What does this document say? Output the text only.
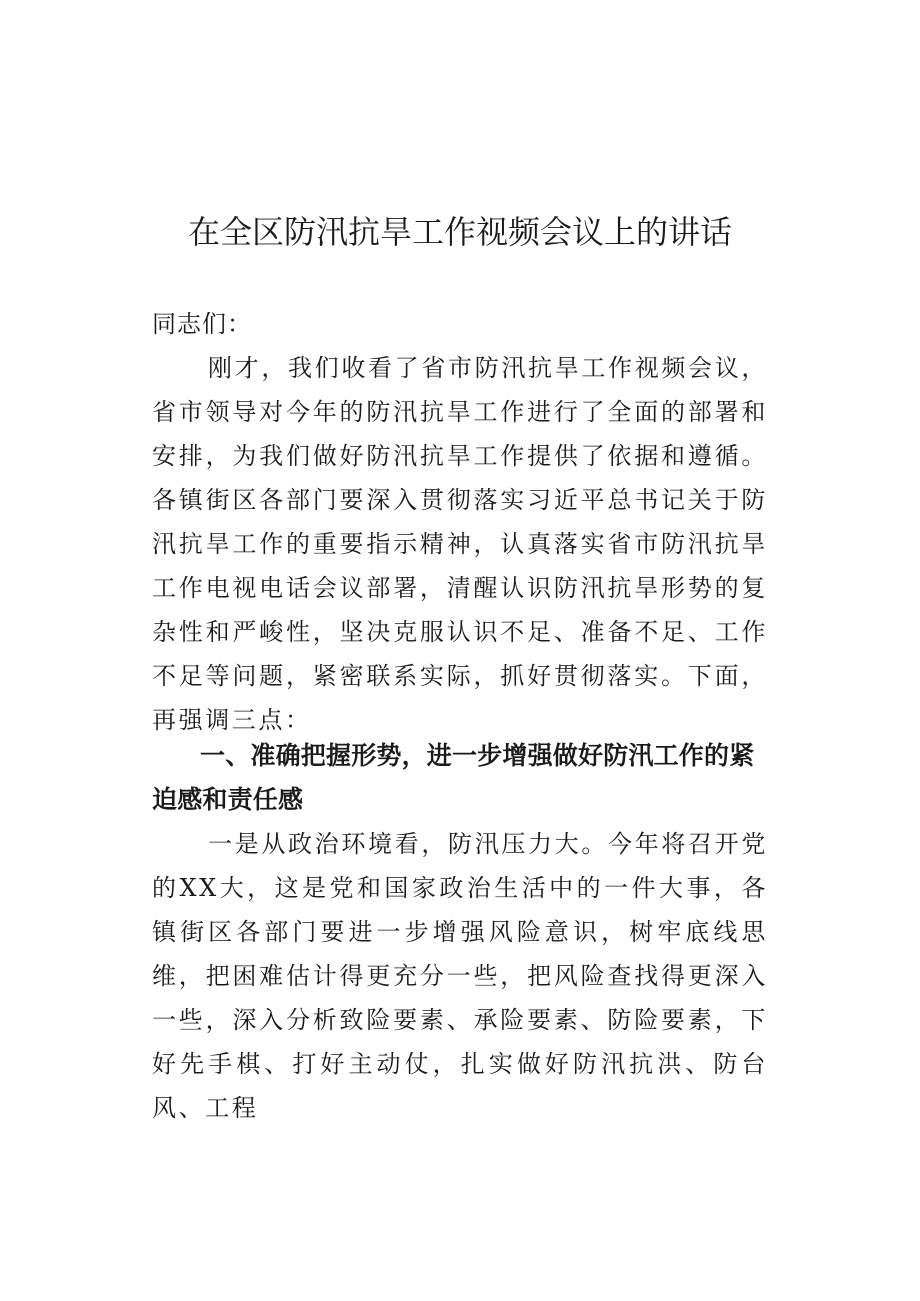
在全区防汛抗旱工作视频会议上的讲话

同志们：

刚才，我们收看了省市防汛抗旱工作视频会议，省市领导对今年的防汛抗旱工作进行了全面的部署和安排，为我们做好防汛抗旱工作提供了依据和遵循。各镇街区各部门要深入贯彻落实习近平总书记关于防汛抗旱工作的重要指示精神，认真落实省市防汛抗旱工作电视电话会议部署，清醒认识防汛抗旱形势的复杂性和严峻性，坚决克服认识不足、准备不足、工作不足等问题，紧密联系实际，抓好贯彻落实。下面，再强调三点：

一、准确把握形势，进一步增强做好防汛工作的紧迫感和责任感

一是从政治环境看，防汛压力大。今年将召开党的XX大，这是党和国家政治生活中的一件大事，各镇街区各部门要进一步增强风险意识，树牢底线思维，把困难估计得更充分一些，把风险查找得更深入一些，深入分析致险要素、承险要素、防险要素，下好先手棋、打好主动仗，扎实做好防汛抗洪、防台风、工程
